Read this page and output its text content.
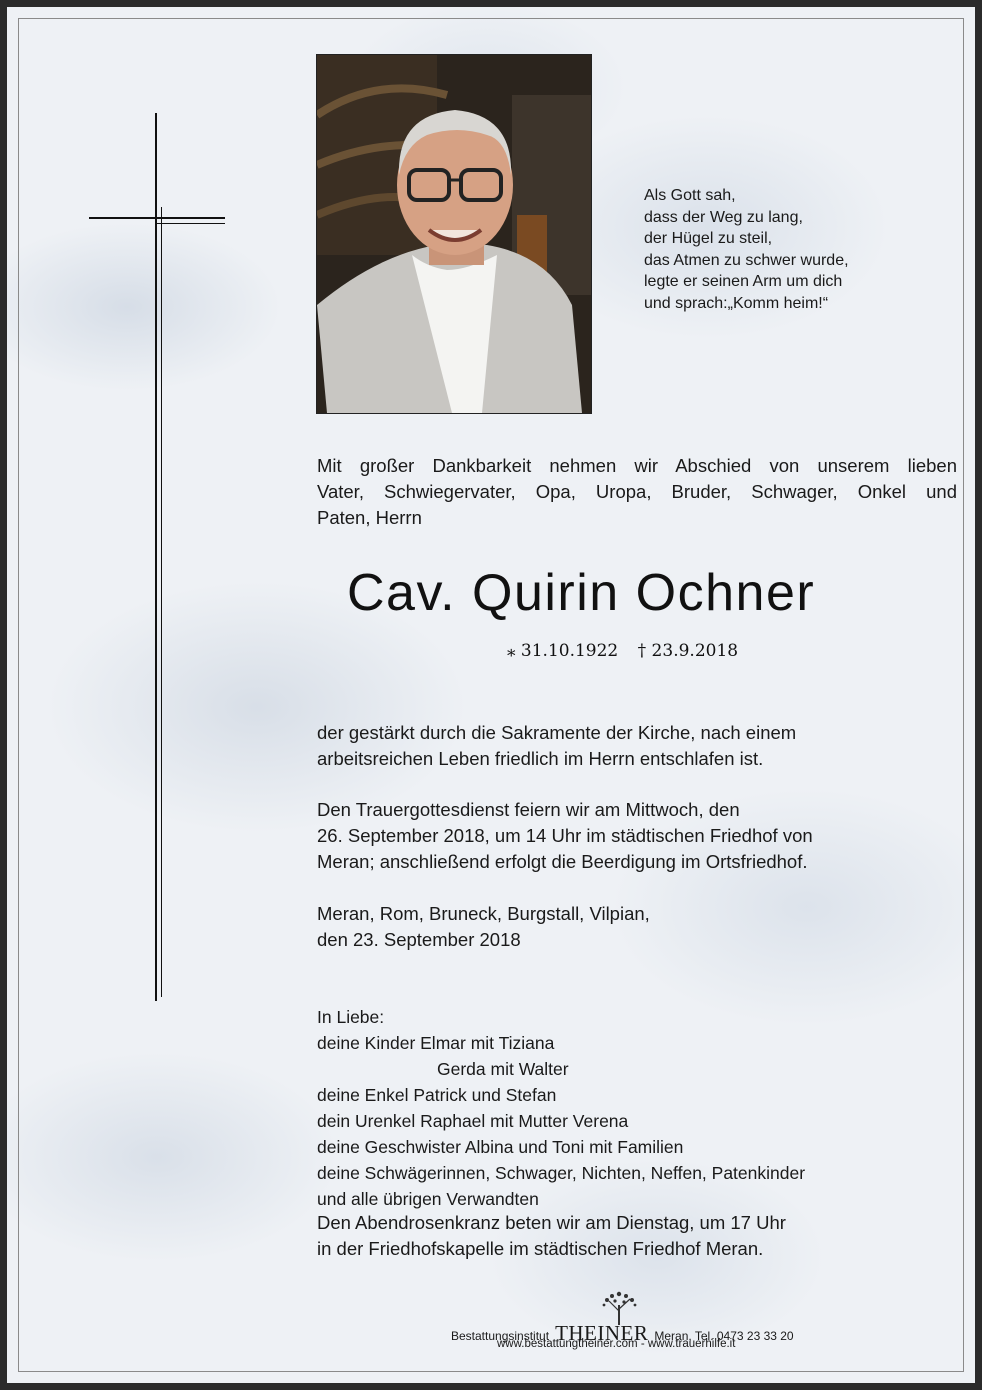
Als Gott sah,
dass der Weg zu lang,
der Hügel zu steil,
das Atmen zu schwer wurde,
legte er seinen Arm um dich
und sprach:„Komm heim!“
Mit großer Dankbarkeit nehmen wir Abschied von unserem lieben
Vater, Schwiegervater, Opa, Uropa, Bruder, Schwager, Onkel und
Paten, Herrn
Cav. Quirin Ochner
⁎ 31.10.1922 † 23.9.2018
der gestärkt durch die Sakramente der Kirche, nach einem
arbeitsreichen Leben friedlich im Herrn entschlafen ist.
Den Trauergottesdienst feiern wir am Mittwoch, den
26. September 2018, um 14 Uhr im städtischen Friedhof von
Meran; anschließend erfolgt die Beerdigung im Ortsfriedhof.
Meran, Rom, Bruneck, Burgstall, Vilpian,
den 23. September 2018
In Liebe:
deine Kinder Elmar mit Tiziana
Gerda mit Walter
deine Enkel Patrick und Stefan
dein Urenkel Raphael mit Mutter Verena
deine Geschwister Albina und Toni mit Familien
deine Schwägerinnen, Schwager, Nichten, Neffen, Patenkinder
und alle übrigen Verwandten
Den Abendrosenkranz beten wir am Dienstag, um 17 Uhr
in der Friedhofskapelle im städtischen Friedhof Meran.
Bestattungsinstitut THEINER Meran, Tel. 0473 23 33 20
www.bestattungtheiner.com - www.trauerhilfe.it
